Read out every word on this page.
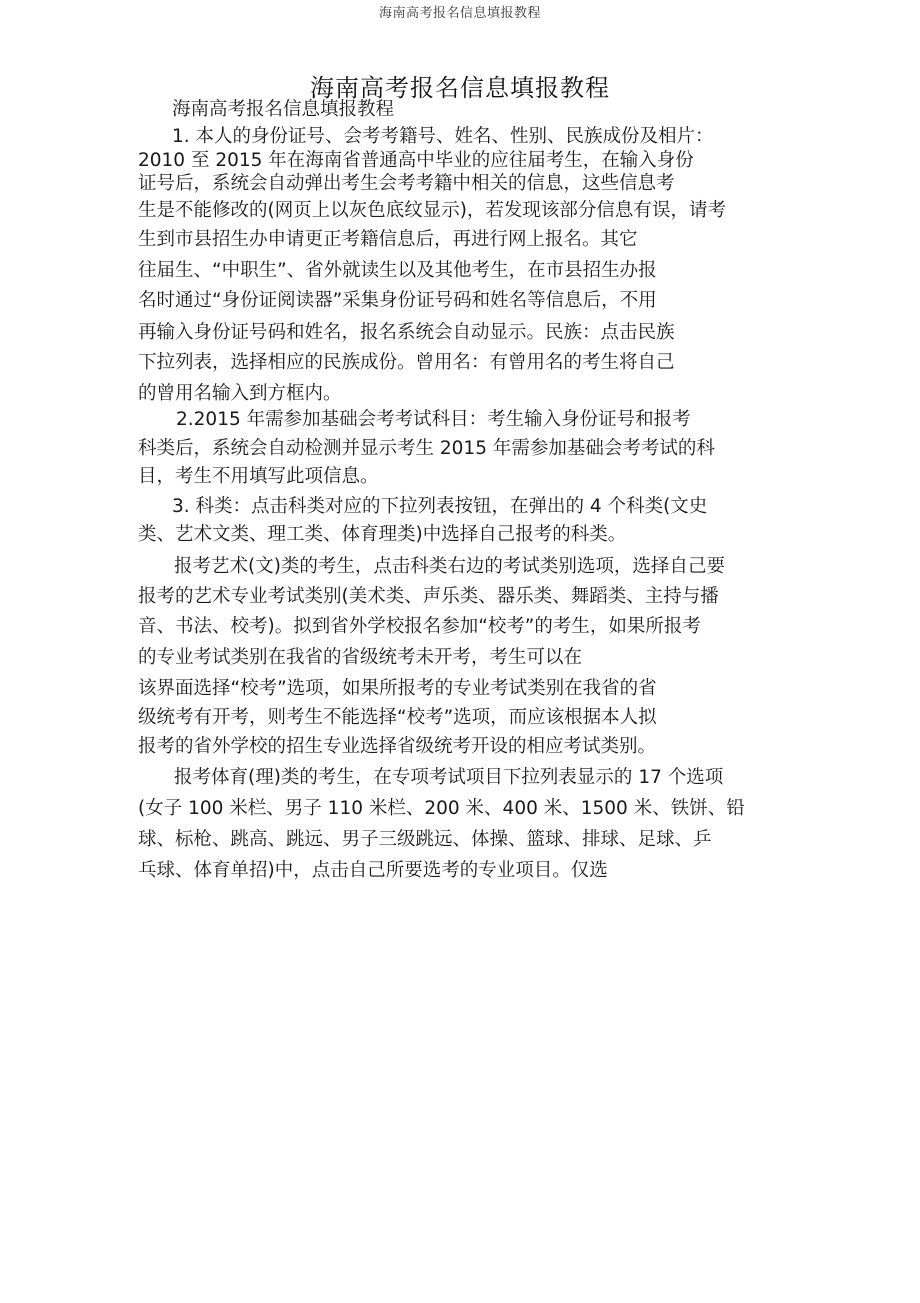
海南高考报名信息填报教程
海南高考报名信息填报教程
海南高考报名信息填报教程
1. 本人的身份证号、会考考籍号、姓名、性别、民族成份及相片：
2010 至 2015 年在海南省普通高中毕业的应往届考生，在输入身份
证号后，系统会自动弹出考生会考考籍中相关的信息，这些信息考
生是不能修改的(网页上以灰色底纹显示)，若发现该部分信息有误，请考
生到市县招生办申请更正考籍信息后，再进行网上报名。其它
往届生、“中职生”、省外就读生以及其他考生，在市县招生办报
名时通过“身份证阅读器”采集身份证号码和姓名等信息后，不用
再输入身份证号码和姓名，报名系统会自动显示。民族：点击民族
下拉列表，选择相应的民族成份。曾用名：有曾用名的考生将自己
的曾用名输入到方框内。
2.2015 年需参加基础会考考试科目：考生输入身份证号和报考
科类后，系统会自动检测并显示考生 2015 年需参加基础会考考试的科
目，考生不用填写此项信息。
3. 科类：点击科类对应的下拉列表按钮，在弹出的 4 个科类(文史
类、艺术文类、理工类、体育理类)中选择自己报考的科类。
报考艺术(文)类的考生，点击科类右边的考试类别选项，选择自己要
报考的艺术专业考试类别(美术类、声乐类、器乐类、舞蹈类、主持与播
音、书法、校考)。拟到省外学校报名参加“校考”的考生，如果所报考
的专业考试类别在我省的省级统考未开考，考生可以在
该界面选择“校考”选项，如果所报考的专业考试类别在我省的省
级统考有开考，则考生不能选择“校考”选项，而应该根据本人拟
报考的省外学校的招生专业选择省级统考开设的相应考试类别。
报考体育(理)类的考生，在专项考试项目下拉列表显示的 17 个选项
(女子 100 米栏、男子 110 米栏、200 米、400 米、1500 米、铁饼、铅
球、标枪、跳高、跳远、男子三级跳远、体操、篮球、排球、足球、乒
乓球、体育单招)中，点击自己所要选考的专业项目。仅选
